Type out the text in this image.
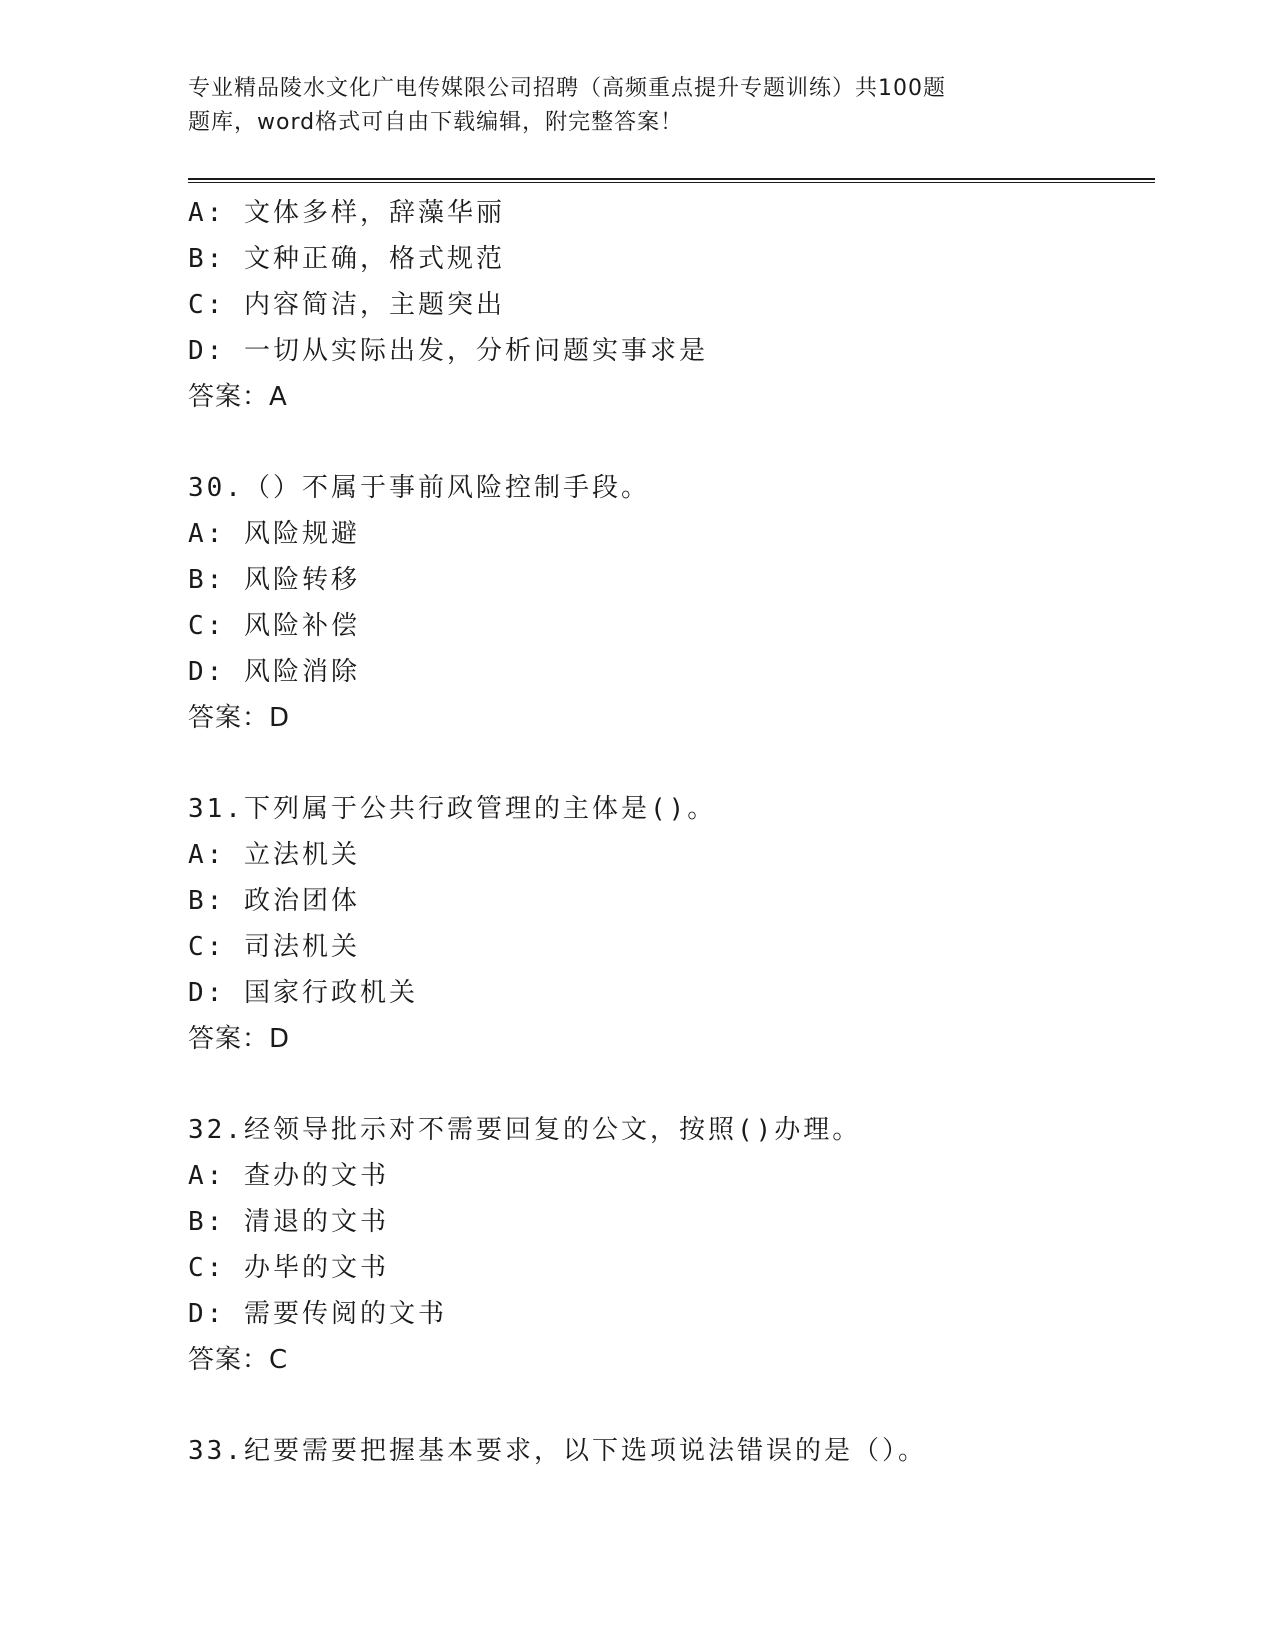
专业精品陵水文化广电传媒限公司招聘（高频重点提升专题训练）共100题
题库，word格式可自由下载编辑，附完整答案！
A: 文体多样，辞藻华丽
B: 文种正确，格式规范
C: 内容简洁，主题突出
D: 一切从实际出发，分析问题实事求是
答案：A
30.（）不属于事前风险控制手段。
A: 风险规避
B: 风险转移
C: 风险补偿
D: 风险消除
答案：D
31.下列属于公共行政管理的主体是()。
A: 立法机关
B: 政治团体
C: 司法机关
D: 国家行政机关
答案：D
32.经领导批示对不需要回复的公文，按照()办理。
A: 查办的文书
B: 清退的文书
C: 办毕的文书
D: 需要传阅的文书
答案：C
33.纪要需要把握基本要求，以下选项说法错误的是（）。
